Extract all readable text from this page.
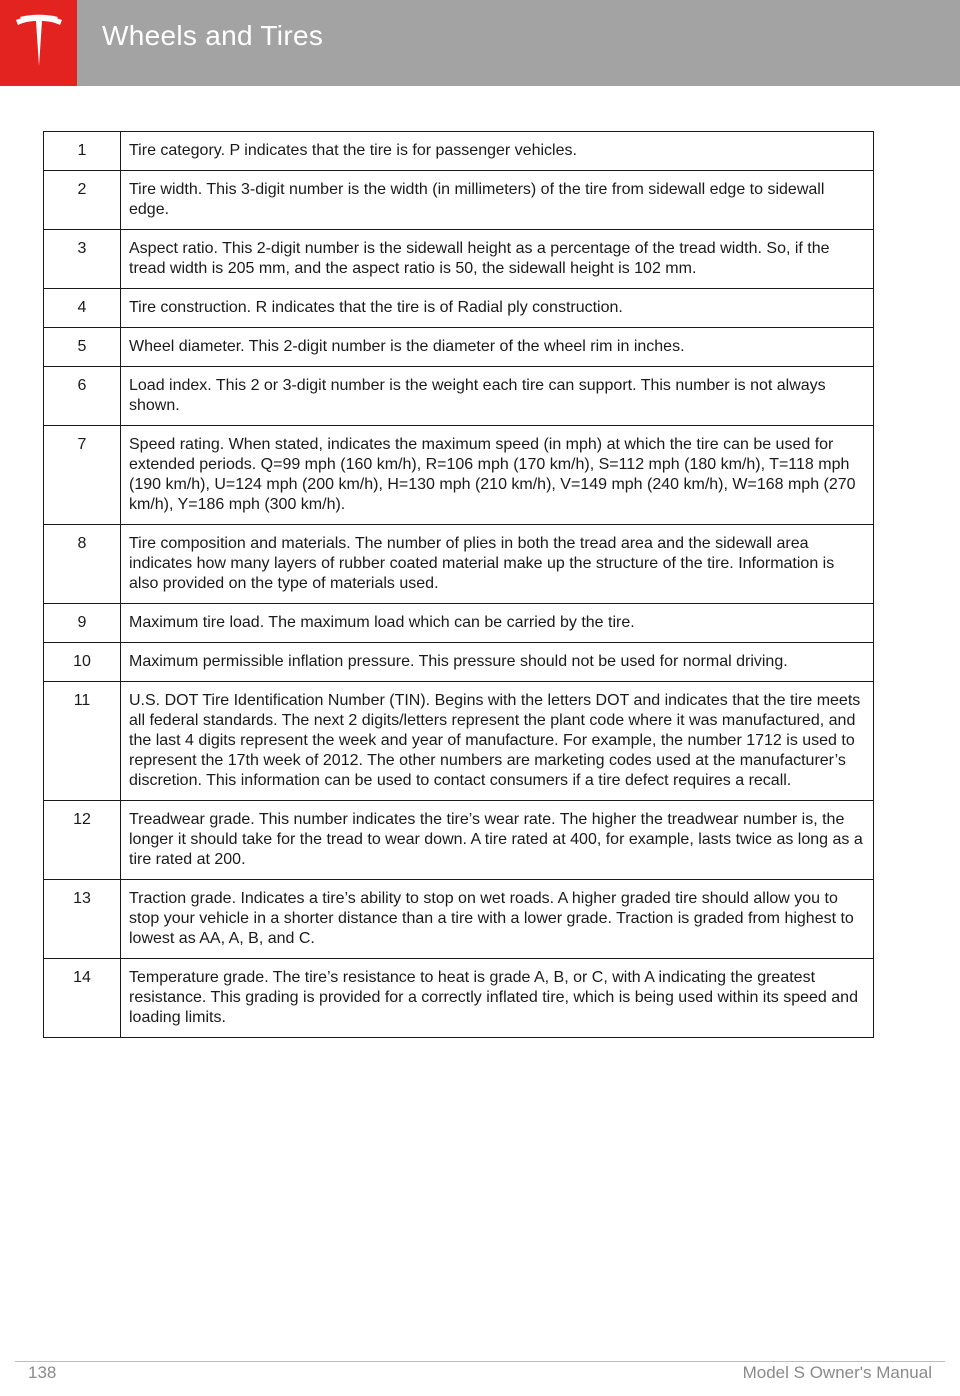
Wheels and Tires
1	Tire category. P indicates that the tire is for passenger vehicles.
2	Tire width. This 3-digit number is the width (in millimeters) of the tire from sidewall edge to sidewall edge.
3	Aspect ratio. This 2-digit number is the sidewall height as a percentage of the tread width. So, if the tread width is 205 mm, and the aspect ratio is 50, the sidewall height is 102 mm.
4	Tire construction. R indicates that the tire is of Radial ply construction.
5	Wheel diameter. This 2-digit number is the diameter of the wheel rim in inches.
6	Load index. This 2 or 3-digit number is the weight each tire can support. This number is not always shown.
7	Speed rating. When stated, indicates the maximum speed (in mph) at which the tire can be used for extended periods. Q=99 mph (160 km/h), R=106 mph (170 km/h), S=112 mph (180 km/h), T=118 mph (190 km/h), U=124 mph (200 km/h), H=130 mph (210 km/h), V=149 mph (240 km/h), W=168 mph (270 km/h), Y=186 mph (300 km/h).
8	Tire composition and materials. The number of plies in both the tread area and the sidewall area indicates how many layers of rubber coated material make up the structure of the tire. Information is also provided on the type of materials used.
9	Maximum tire load. The maximum load which can be carried by the tire.
10	Maximum permissible inflation pressure. This pressure should not be used for normal driving.
11	U.S. DOT Tire Identification Number (TIN). Begins with the letters DOT and indicates that the tire meets all federal standards. The next 2 digits/letters represent the plant code where it was manufactured, and the last 4 digits represent the week and year of manufacture. For example, the number 1712 is used to represent the 17th week of 2012. The other numbers are marketing codes used at the manufacturer’s discretion. This information can be used to contact consumers if a tire defect requires a recall.
12	Treadwear grade. This number indicates the tire’s wear rate. The higher the treadwear number is, the longer it should take for the tread to wear down. A tire rated at 400, for example, lasts twice as long as a tire rated at 200.
13	Traction grade. Indicates a tire’s ability to stop on wet roads. A higher graded tire should allow you to stop your vehicle in a shorter distance than a tire with a lower grade. Traction is graded from highest to lowest as AA, A, B, and C.
14	Temperature grade. The tire’s resistance to heat is grade A, B, or C, with A indicating the greatest resistance. This grading is provided for a correctly inflated tire, which is being used within its speed and loading limits.
138	Model S Owner's Manual
